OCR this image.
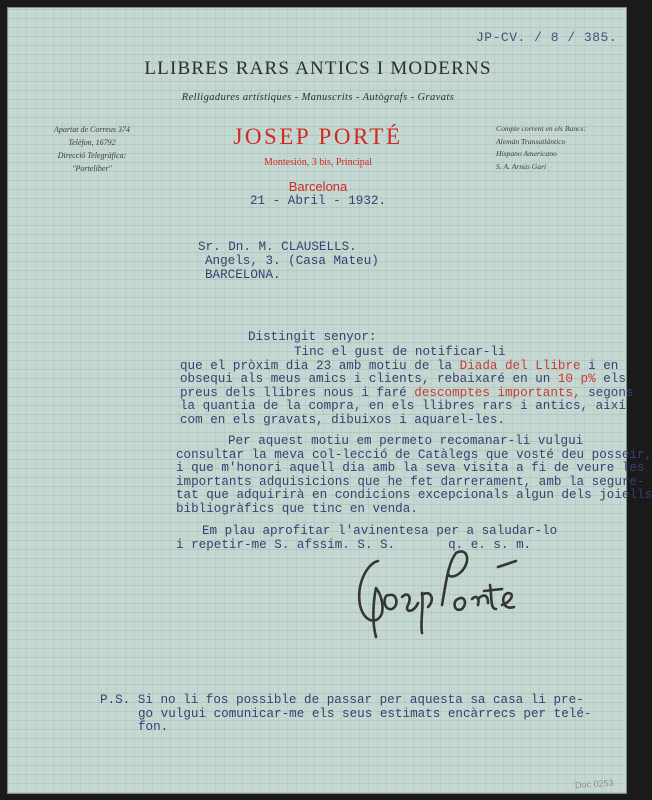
JP-CV. / 8 / 385.
LLIBRES RARS ANTICS I MODERNS
Relligadures artístiques - Manuscrits - Autògrafs - Gravats
Apartat de Correus 374
Telèfon, 16792
Direcció Telegràfica:
"Porteliber"
JOSEP PORTÉ
Montesión, 3 bis, Principal
Compte corrent en els Bancs:
Alemán Transatlántico
Hispano Americano
S. A. Arnús Garí
Barcelona
21 - Abril - 1932.
Sr. Dn. M. CLAUSELLS.
Angels, 3. (Casa Mateu)
BARCELONA.
Distingit senyor:
Tinc el gust de notificar-li
que el pròxim dia 23 amb motiu de la Diada del Llibre i en
obsequi als meus amics i clients, rebaixaré en un 10 p% els
preus dels llibres nous i faré descomptes importants, segons
la quantia de la compra, en els llibres rars i antics, així
com en els gravats, dibuixos i aquarel-les.
Per aquest motiu em permeto recomanar-li vulgui
consultar la meva col-lecció de Catàlegs que vosté deu posseir,
i que m'honori aquell dia amb la seva visita a fi de veure les
importants adquisicions que he fet darrerament, amb la segure-
tat que adquirirà en condicions excepcionals algun dels joiells
bibliogràfics que tinc en venda.
Em plau aprofitar l'avinentesa per a saludar-lo
i repetir-me S. afssim. S. S.       q. e. s. m.
P.S. Si no li fos possible de passar per aquesta sa casa li pre-
go vulgui comunicar-me els seus estimats encàrrecs per telé-
fon.
Doc 0253
